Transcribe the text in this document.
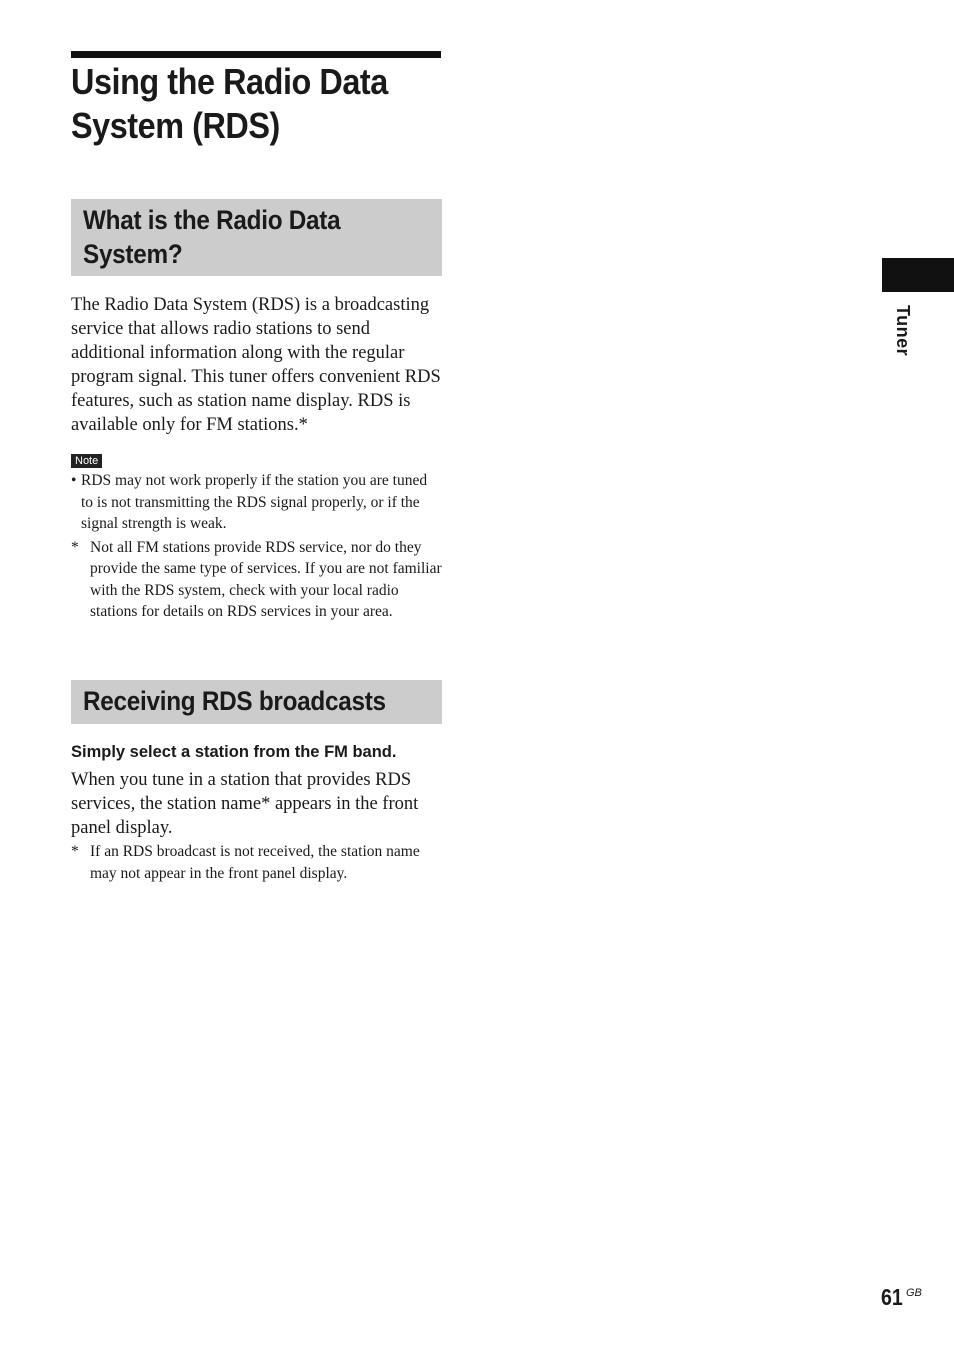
Using the Radio Data System (RDS)
What is the Radio Data System?

The Radio Data System (RDS) is a broadcasting service that allows radio stations to send additional information along with the regular program signal. This tuner offers convenient RDS features, such as station name display. RDS is available only for FM stations.*

Note
• RDS may not work properly if the station you are tuned to is not transmitting the RDS signal properly, or if the signal strength is weak.
* Not all FM stations provide RDS service, nor do they provide the same type of services. If you are not familiar with the RDS system, check with your local radio stations for details on RDS services in your area.
Receiving RDS broadcasts

Simply select a station from the FM band.

When you tune in a station that provides RDS services, the station name* appears in the front panel display.

* If an RDS broadcast is not received, the station name may not appear in the front panel display.
Tuner
61 GB
